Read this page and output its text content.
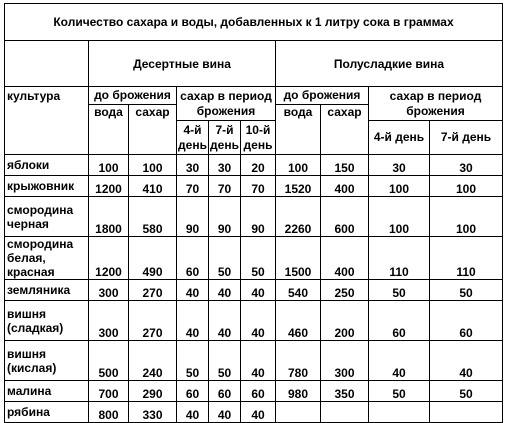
Количество сахара и воды, добавленных к 1 литру сока в граммах									
	Десертные вина					Полусладкие вина			
культура	до брожения		сахар в период брожения			до брожения		сахар в период брожения	
	вода	сахар				вода	сахар		
			4-й день	7-й день	10-й день			4-й день	7-й день
яблоки	100	100	30	30	20	100	150	30	30
крыжовник	1200	410	70	70	70	1520	400	100	100
смородина черная	1800	580	90	90	90	2260	600	100	100
смородина белая, красная	1200	490	60	50	50	1500	400	110	110
земляника	300	270	40	40	40	540	250	50	50
вишня (сладкая)	300	270	40	40	40	460	200	60	60
вишня (кислая)	500	240	50	50	40	780	300	40	40
малина	700	290	60	60	60	980	350	50	50
рябина	800	330	40	40	40				
